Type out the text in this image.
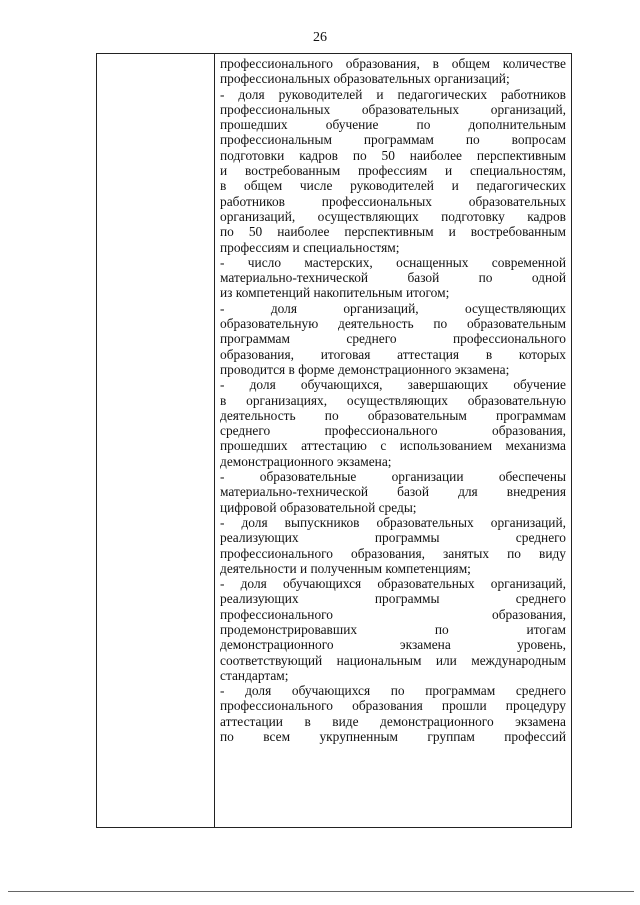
26
профессионального образования, в общем количестве
профессиональных образовательных организаций;
- доля руководителей и педагогических работников
профессиональных образовательных организаций,
прошедших обучение по дополнительным
профессиональным программам по вопросам
подготовки кадров по 50 наиболее перспективным
и востребованным профессиям и специальностям,
в общем числе руководителей и педагогических
работников профессиональных образовательных
организаций, осуществляющих подготовку кадров
по 50 наиболее перспективным и востребованным
профессиям и специальностям;
- число мастерских, оснащенных современной
материально-технической базой по одной
из компетенций накопительным итогом;
- доля организаций, осуществляющих
образовательную деятельность по образовательным
программам среднего профессионального
образования, итоговая аттестация в которых
проводится в форме демонстрационного экзамена;
- доля обучающихся, завершающих обучение
в организациях, осуществляющих образовательную
деятельность по образовательным программам
среднего профессионального образования,
прошедших аттестацию с использованием механизма
демонстрационного экзамена;
- образовательные организации обеспечены
материально-технической базой для внедрения
цифровой образовательной среды;
- доля выпускников образовательных организаций,
реализующих программы среднего
профессионального образования, занятых по виду
деятельности и полученным компетенциям;
- доля обучающихся образовательных организаций,
реализующих программы среднего
профессионального образования,
продемонстрировавших по итогам
демонстрационного экзамена уровень,
соответствующий национальным или международным
стандартам;
- доля обучающихся по программам среднего
профессионального образования прошли процедуру
аттестации в виде демонстрационного экзамена
по всем укрупненным группам профессий
